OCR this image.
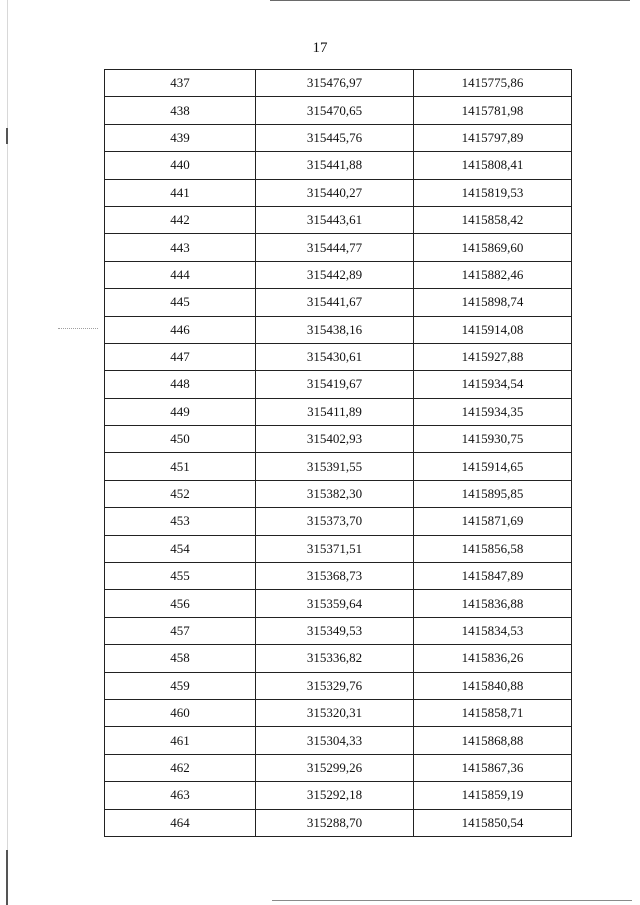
17
437	315476,97	1415775,86
438	315470,65	1415781,98
439	315445,76	1415797,89
440	315441,88	1415808,41
441	315440,27	1415819,53
442	315443,61	1415858,42
443	315444,77	1415869,60
444	315442,89	1415882,46
445	315441,67	1415898,74
446	315438,16	1415914,08
447	315430,61	1415927,88
448	315419,67	1415934,54
449	315411,89	1415934,35
450	315402,93	1415930,75
451	315391,55	1415914,65
452	315382,30	1415895,85
453	315373,70	1415871,69
454	315371,51	1415856,58
455	315368,73	1415847,89
456	315359,64	1415836,88
457	315349,53	1415834,53
458	315336,82	1415836,26
459	315329,76	1415840,88
460	315320,31	1415858,71
461	315304,33	1415868,88
462	315299,26	1415867,36
463	315292,18	1415859,19
464	315288,70	1415850,54
